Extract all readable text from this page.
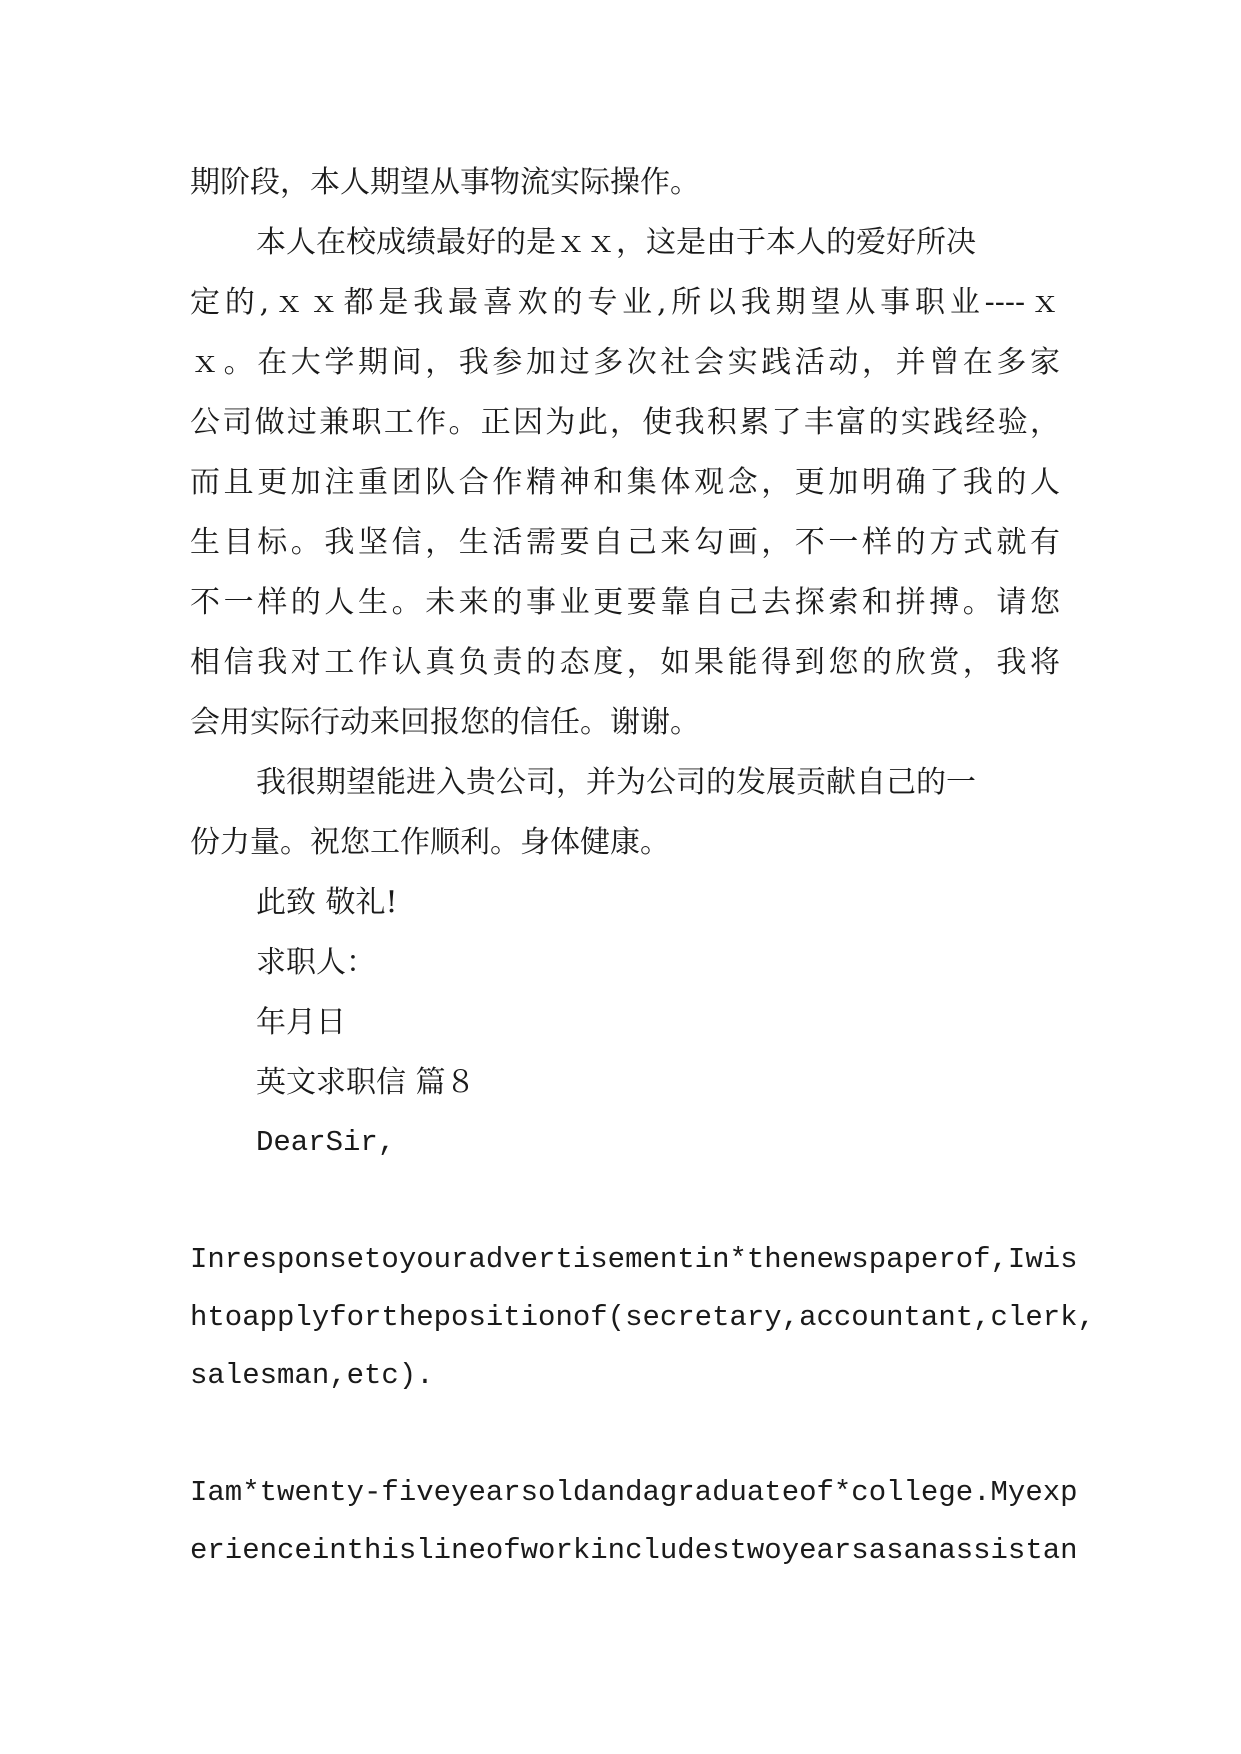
期阶段，本人期望从事物流实际操作。
本人在校成绩最好的是ｘｘ，这是由于本人的爱好所决
定的,ｘｘ都是我最喜欢的专业,所以我期望从事职业----ｘ
ｘ。在大学期间，我参加过多次社会实践活动，并曾在多家
公司做过兼职工作。正因为此，使我积累了丰富的实践经验，
而且更加注重团队合作精神和集体观念，更加明确了我的人
生目标。我坚信，生活需要自己来勾画，不一样的方式就有
不一样的人生。未来的事业更要靠自己去探索和拼搏。请您
相信我对工作认真负责的态度，如果能得到您的欣赏，我将
会用实际行动来回报您的信任。谢谢。
我很期望能进入贵公司，并为公司的发展贡献自己的一
份力量。祝您工作顺利。身体健康。
此致 敬礼!
求职人：
年月日
英文求职信 篇８
DearSir,
Inresponsetoyouradvertisementin*thenewspaperof,Iwis
htoapplyforthepositionof(secretary,accountant,clerk,
salesman,etc).
Iam*twenty-fiveyearsoldandagraduateof*college.Myexp
erienceinthislineofworkincludestwoyearsasanassistan
